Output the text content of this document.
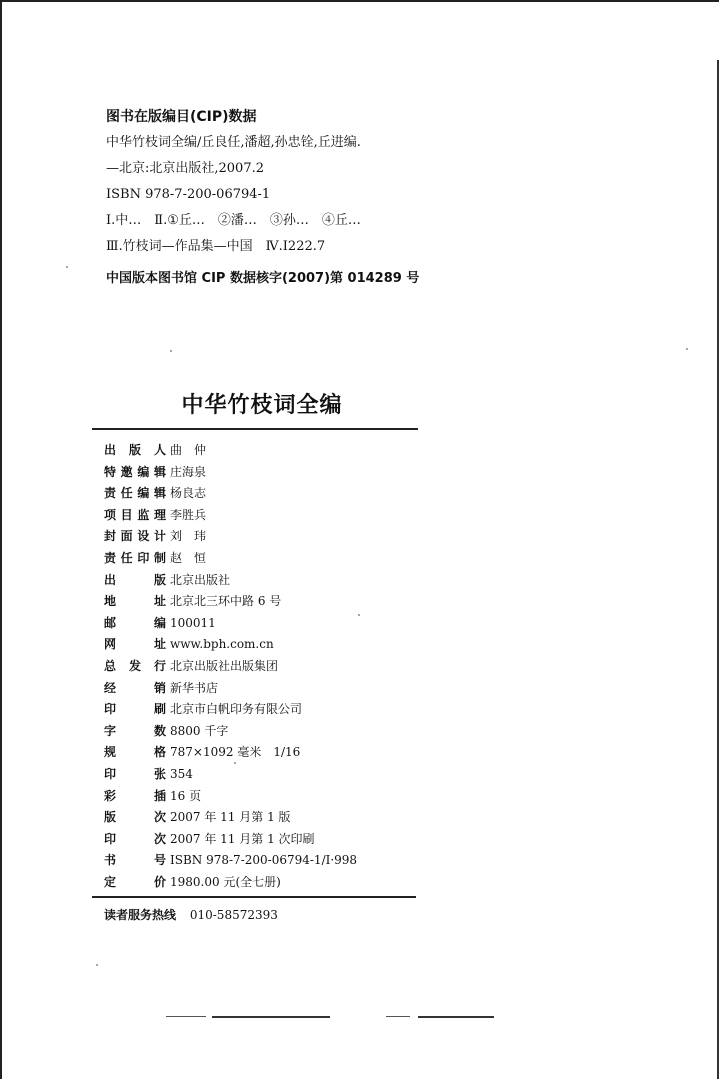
图书在版编目(CIP)数据
中华竹枝词全编/丘良任,潘超,孙忠铨,丘进编.
—北京:北京出版社,2007.2
ISBN 978-7-200-06794-1
Ⅰ.中…　Ⅱ.①丘…　②潘…　③孙…　④丘…
Ⅲ.竹枝词—作品集—中国　Ⅳ.I222.7
中国版本图书馆 CIP 数据核字(2007)第 014289 号
中华竹枝词全编
出 版 人 曲　仲
特 邀 编 辑 庄海泉
责 任 编 辑 杨良志
项 目 监 理 李胜兵
封 面 设 计 刘　玮
责 任 印 制 赵　恒
出	版 北京出版社
地	址 北京北三环中路 6 号
邮	编 100011
网	址 www.bph.com.cn
总 发 行 北京出版社出版集团
经	销 新华书店
印	刷 北京市白帆印务有限公司
字	数 8800 千字
规	格 787×1092 毫米　1/16
印	张 354
彩	插 16 页
版	次 2007 年 11 月第 1 版
印	次 2007 年 11 月第 1 次印刷
书	号 ISBN 978-7-200-06794-1/I·998
定	价 1980.00 元(全七册)
读者服务热线 010-58572393
